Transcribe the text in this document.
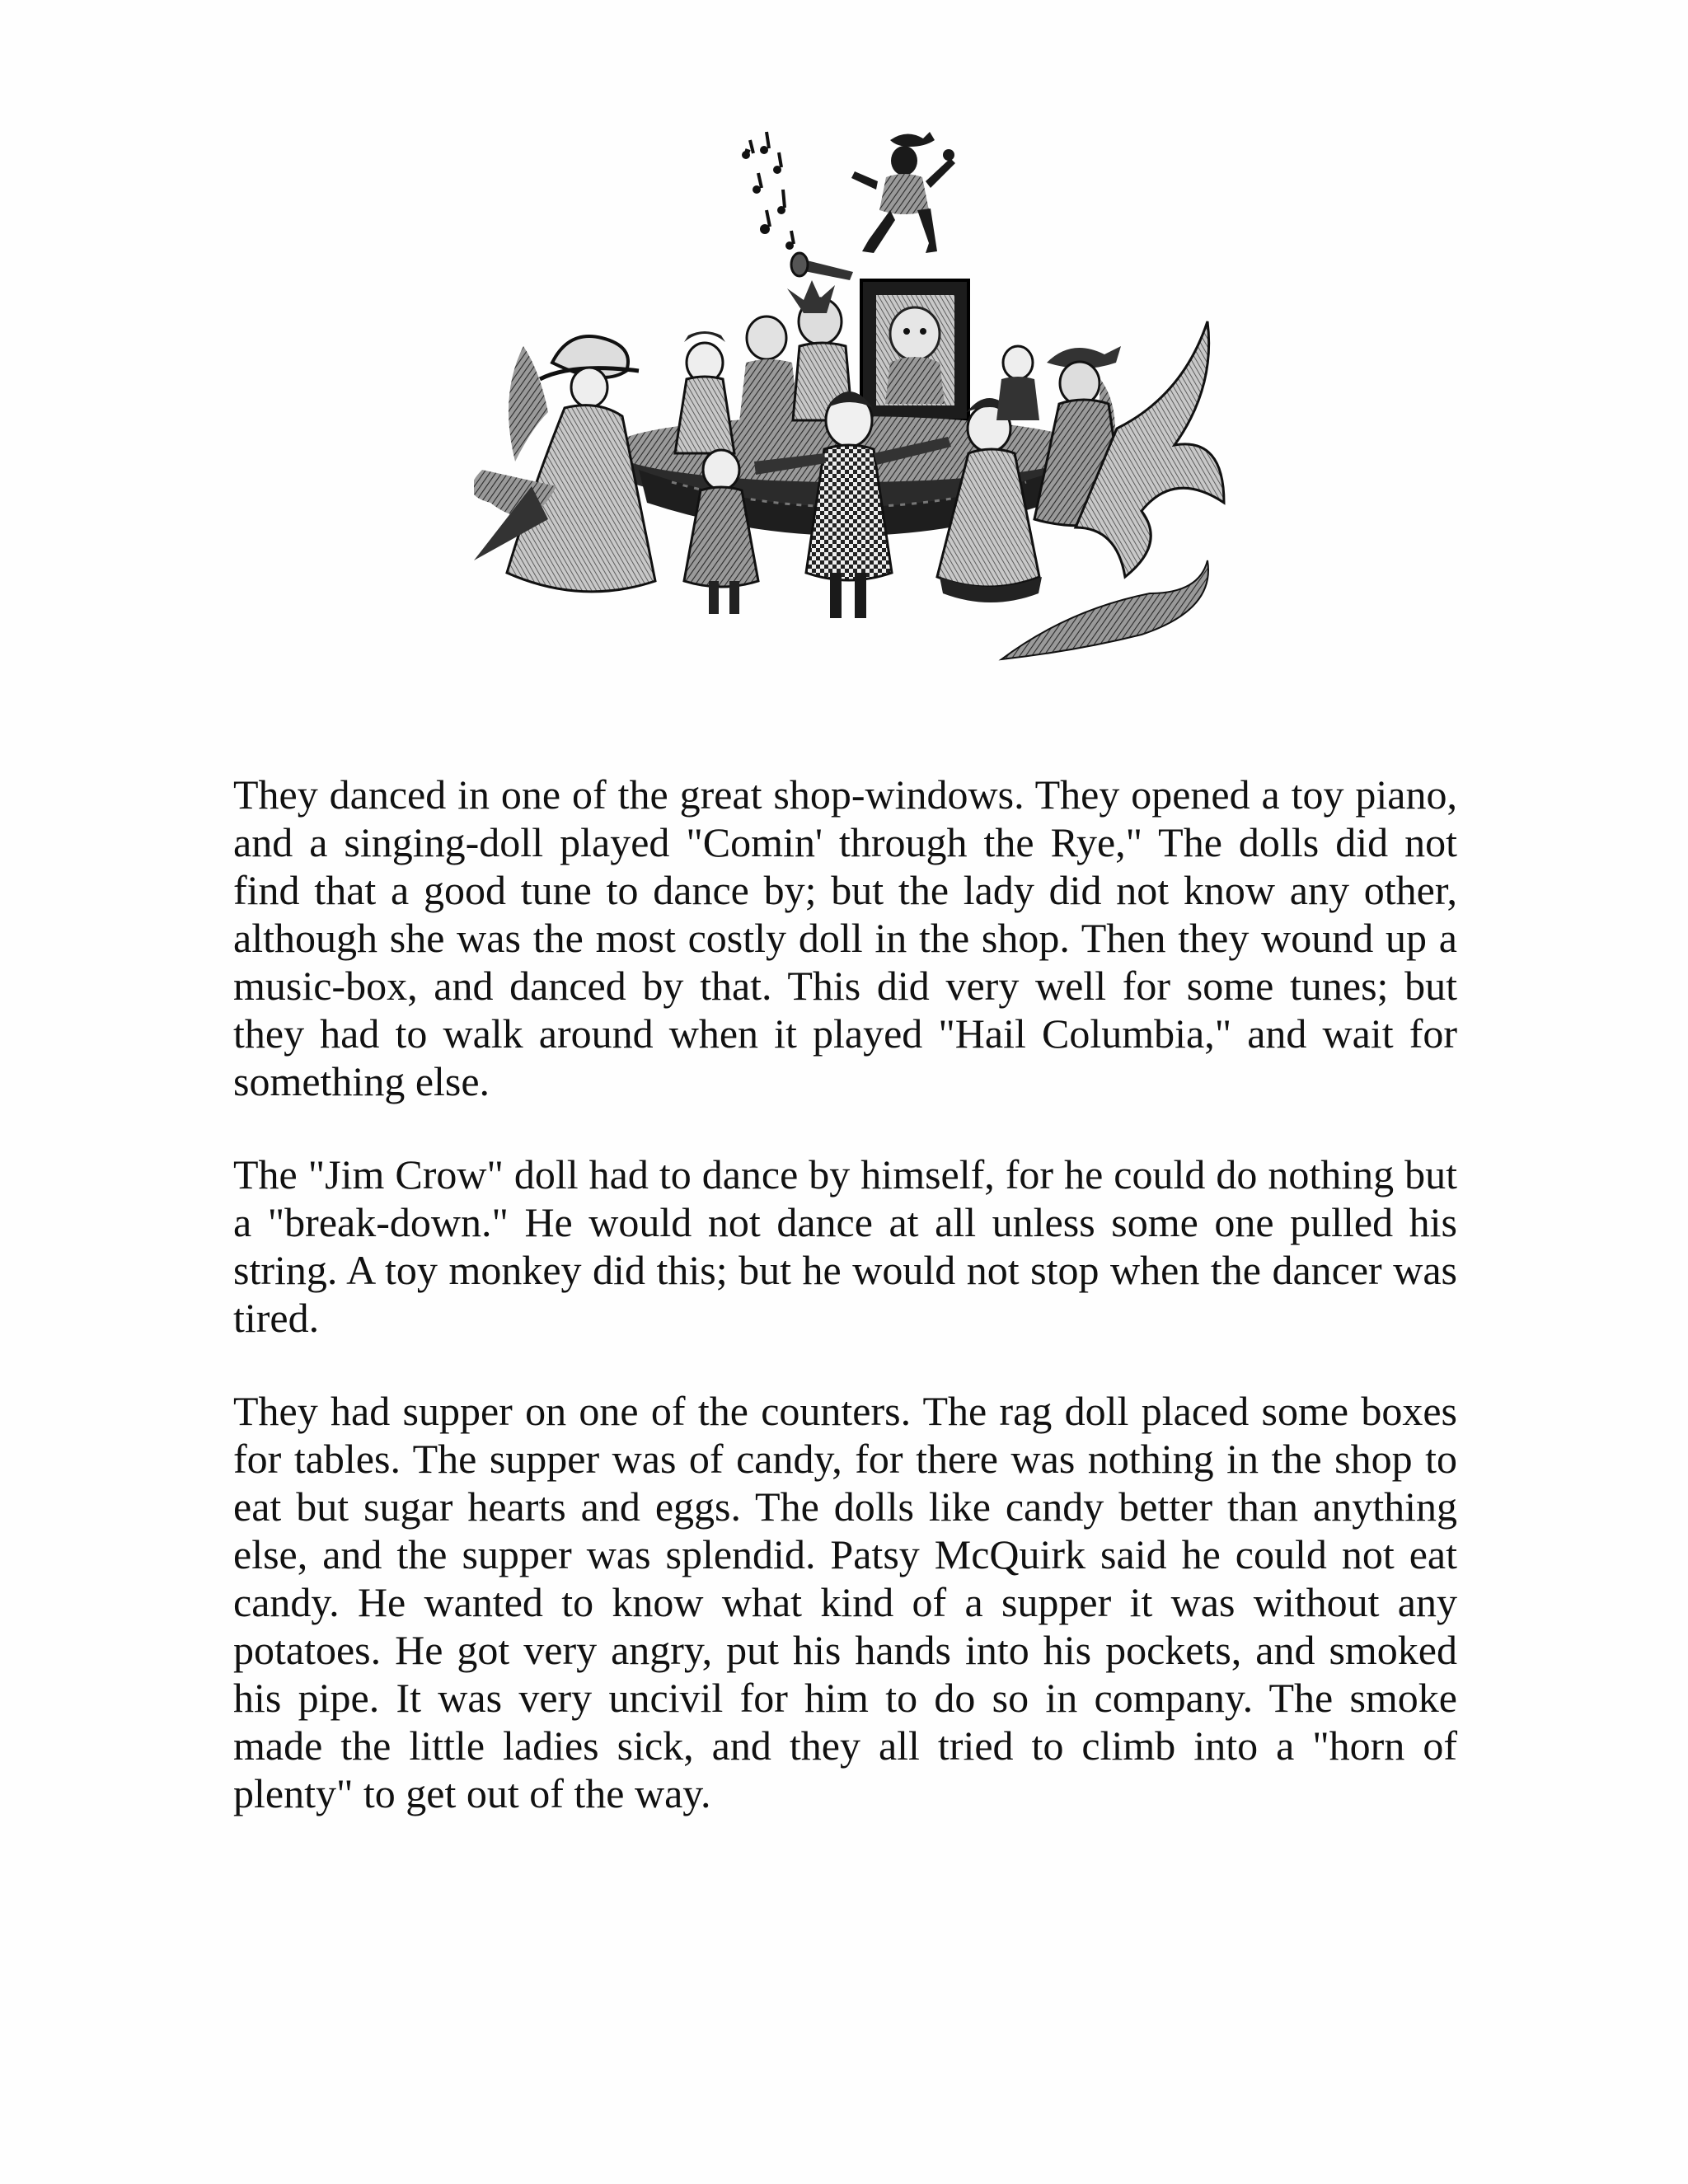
They danced in one of the great shop-windows. They opened a toy piano, and a singing-doll played "Comin' through the Rye," The dolls did not find that a good tune to dance by; but the lady did not know any other, although she was the most costly doll in the shop. Then they wound up a music-box, and danced by that. This did very well for some tunes; but they had to walk around when it played "Hail Columbia," and wait for something else.

The "Jim Crow" doll had to dance by himself, for he could do nothing but a "break-down." He would not dance at all unless some one pulled his string. A toy monkey did this; but he would not stop when the dancer was tired.

They had supper on one of the counters. The rag doll placed some boxes for tables. The supper was of candy, for there was nothing in the shop to eat but sugar hearts and eggs. The dolls like candy better than anything else, and the supper was splendid. Patsy McQuirk said he could not eat candy. He wanted to know what kind of a supper it was without any potatoes. He got very angry, put his hands into his pockets, and smoked his pipe. It was very uncivil for him to do so in company. The smoke made the little ladies sick, and they all tried to climb into a "horn of plenty" to get out of the way.
